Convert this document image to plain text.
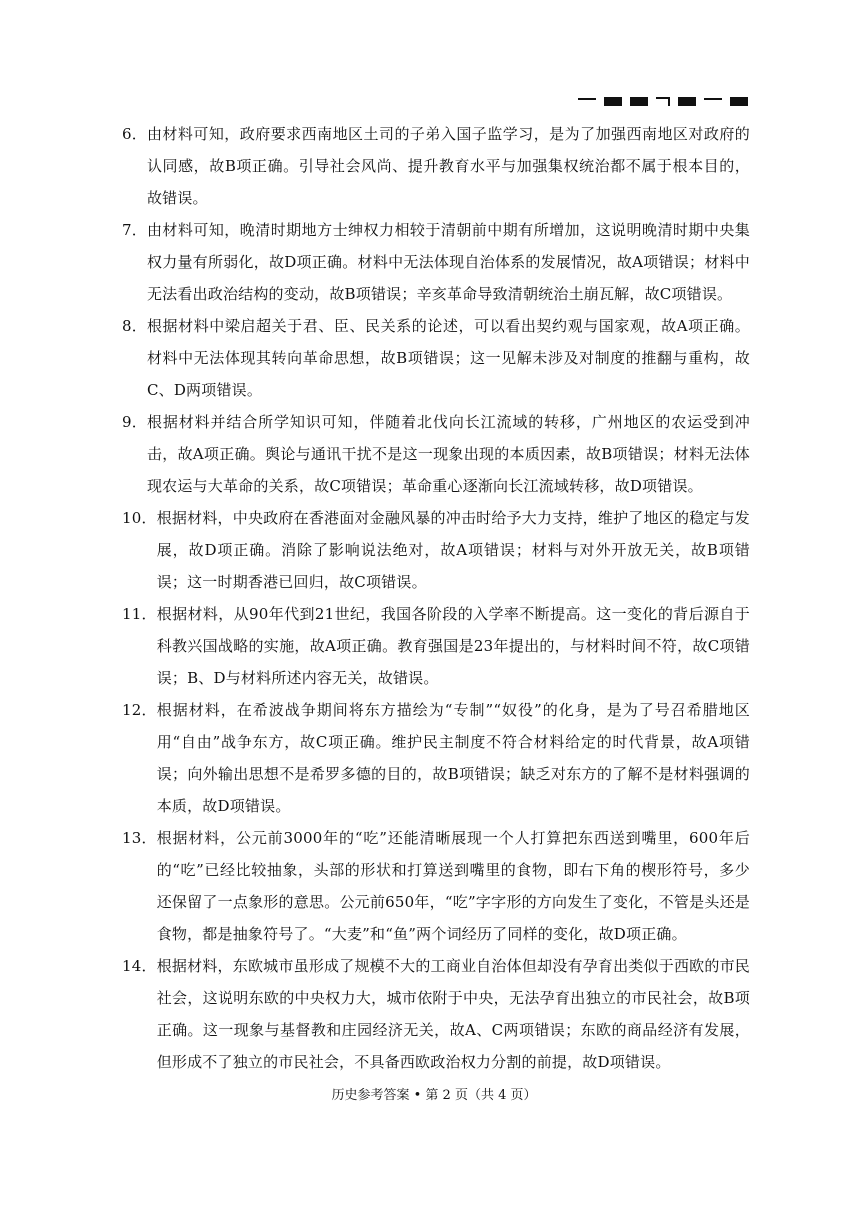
6． 由材料可知，政府要求西南地区土司的子弟入国子监学习，是为了加强西南地区对政府的认同感，故B项正确。引导社会风尚、提升教育水平与加强集权统治都不属于根本目的，故错误。
7． 由材料可知，晚清时期地方士绅权力相较于清朝前中期有所增加，这说明晚清时期中央集权力量有所弱化，故D项正确。材料中无法体现自治体系的发展情况，故A项错误；材料中无法看出政治结构的变动，故B项错误；辛亥革命导致清朝统治土崩瓦解，故C项错误。
8． 根据材料中梁启超关于君、臣、民关系的论述，可以看出契约观与国家观，故A项正确。材料中无法体现其转向革命思想，故B项错误；这一见解未涉及对制度的推翻与重构，故C、D两项错误。
9． 根据材料并结合所学知识可知，伴随着北伐向长江流域的转移，广州地区的农运受到冲击，故A项正确。舆论与通讯干扰不是这一现象出现的本质因素，故B项错误；材料无法体现农运与大革命的关系，故C项错误；革命重心逐渐向长江流域转移，故D项错误。
10． 根据材料，中央政府在香港面对金融风暴的冲击时给予大力支持，维护了地区的稳定与发展，故D项正确。消除了影响说法绝对，故A项错误；材料与对外开放无关，故B项错误；这一时期香港已回归，故C项错误。
11． 根据材料，从90年代到21世纪，我国各阶段的入学率不断提高。这一变化的背后源自于科教兴国战略的实施，故A项正确。教育强国是23年提出的，与材料时间不符，故C项错误；B、D与材料所述内容无关，故错误。
12． 根据材料，在希波战争期间将东方描绘为“专制”“奴役”的化身，是为了号召希腊地区用“自由”战争东方，故C项正确。维护民主制度不符合材料给定的时代背景，故A项错误；向外输出思想不是希罗多德的目的，故B项错误；缺乏对东方的了解不是材料强调的本质，故D项错误。
13． 根据材料，公元前3000年的“吃”还能清晰展现一个人打算把东西送到嘴里，600年后的“吃”已经比较抽象，头部的形状和打算送到嘴里的食物，即右下角的楔形符号，多少还保留了一点象形的意思。公元前650年，“吃”字字形的方向发生了变化，不管是头还是食物，都是抽象符号了。“大麦”和“鱼”两个词经历了同样的变化，故D项正确。
14． 根据材料，东欧城市虽形成了规模不大的工商业自治体但却没有孕育出类似于西欧的市民社会，这说明东欧的中央权力大，城市依附于中央，无法孕育出独立的市民社会，故B项正确。这一现象与基督教和庄园经济无关，故A、C两项错误；东欧的商品经济有发展，但形成不了独立的市民社会，不具备西欧政治权力分割的前提，故D项错误。
历史参考答案 • 第 2 页（共 4 页）
